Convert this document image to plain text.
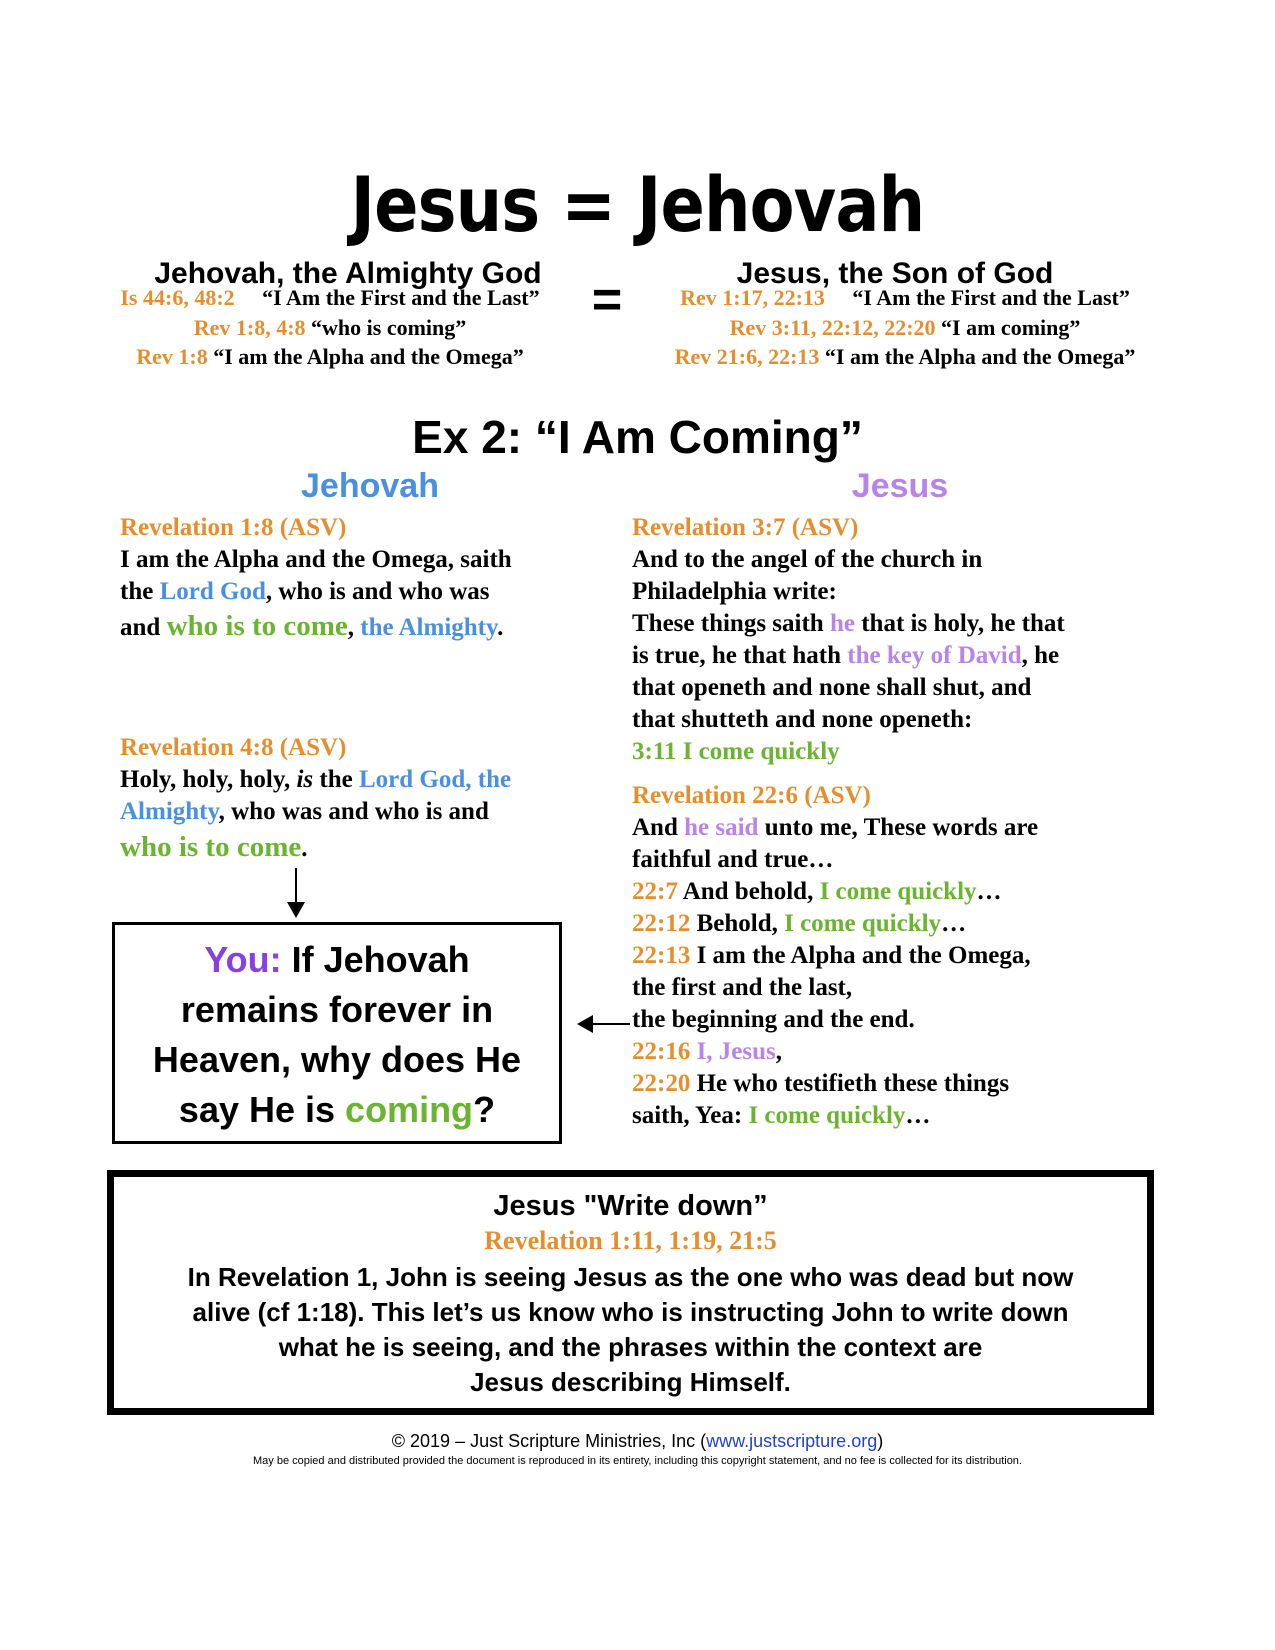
Jesus = Jehovah
Jehovah, the Almighty God	Jesus, the Son of God
=
Is 44:6, 48:2 “I Am the First and the Last”
Rev 1:8, 4:8 “who is coming”
Rev 1:8 “I am the Alpha and the Omega”
Rev 1:17, 22:13 “I Am the First and the Last”
Rev 3:11, 22:12, 22:20 “I am coming”
Rev 21:6, 22:13 “I am the Alpha and the Omega”
Ex 2: “I Am Coming”
Jehovah	Jesus
Revelation 1:8 (ASV)
I am the Alpha and the Omega, saith
the Lord God, who is and who was
and who is to come, the Almighty.
Revelation 4:8 (ASV)
Holy, holy, holy, is the Lord God, the
Almighty, who was and who is and
who is to come.
You: If Jehovah
remains forever in
Heaven, why does He
say He is coming?
Revelation 3:7 (ASV)
And to the angel of the church in
Philadelphia write:
These things saith he that is holy, he that
is true, he that hath the key of David, he
that openeth and none shall shut, and
that shutteth and none openeth:
3:11 I come quickly
Revelation 22:6 (ASV)
And he said unto me, These words are
faithful and true…
22:7 And behold, I come quickly…
22:12 Behold, I come quickly…
22:13 I am the Alpha and the Omega,
the first and the last,
the beginning and the end.
22:16 I, Jesus,
22:20 He who testifieth these things
saith, Yea: I come quickly…
Jesus "Write down”
Revelation 1:11, 1:19, 21:5
In Revelation 1, John is seeing Jesus as the one who was dead but now
alive (cf 1:18). This let’s us know who is instructing John to write down
what he is seeing, and the phrases within the context are
Jesus describing Himself.
© 2019 – Just Scripture Ministries, Inc (www.justscripture.org)
May be copied and distributed provided the document is reproduced in its entirety, including this copyright statement, and no fee is collected for its distribution.
